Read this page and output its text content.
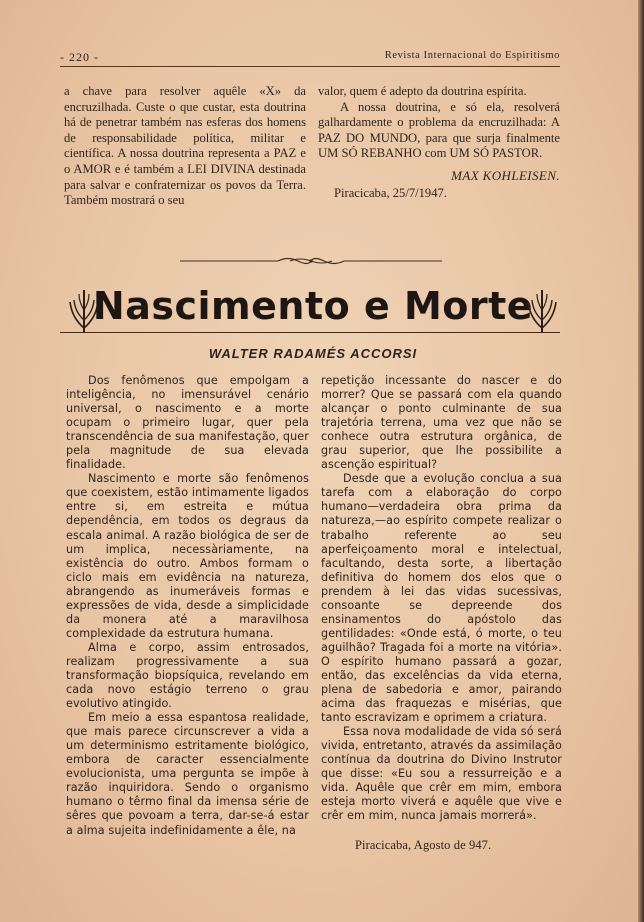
- 220 -	Revista Internacional do Espiritismo

a chave para resolver aquêle «X» da encruzilhada. Custe o que custar, esta doutrina há de penetrar também nas esferas dos homens de responsabilidade política, militar e científica. A nossa doutrina representa a PAZ e o AMOR e é também a LEI DIVINA destinada para salvar e confraternizar os povos da Terra. Também mostrará o seu

valor, quem é adepto da doutrina espírita.

A nossa doutrina, e só ela, resolverá galhardamente o problema da encruzilhada: A PAZ DO MUNDO, para que surja finalmente UM SÓ REBANHO com UM SÓ PASTOR.

MAX KOHLEISEN.

Piracicaba, 25/7/1947.

Nascimento e Morte
WALTER RADAMÉS ACCORSI

Dos fenômenos que empolgam a inteligência, no imensurável cenário universal, o nascimento e a morte ocupam o primeiro lugar, quer pela transcendência de sua manifestação, quer pela magnitude de sua elevada finalidade.

Nascimento e morte são fenômenos que coexistem, estão intimamente ligados entre si, em estreita e mútua dependência, em todos os degraus da escala animal. A razão biológica de ser de um implica, necessàriamente, na existência do outro. Ambos formam o ciclo mais em evidência na natureza, abrangendo as inumeráveis formas e expressões de vida, desde a simplicidade da monera até a maravilhosa complexidade da estrutura humana.

Alma e corpo, assim entrosados, realizam progressivamente a sua transformação biopsíquica, revelando em cada novo estágio terreno o grau evolutivo atingido.

Em meio a essa espantosa realidade, que mais parece circunscrever a vida a um determinismo estritamente biológico, embora de caracter essencialmente evolucionista, uma pergunta se impõe à razão inquiridora. Sendo o organismo humano o têrmo final da imensa série de sêres que povoam a terra, dar-se-á estar a alma sujeita indefinidamente a êle, na

repetição incessante do nascer e do morrer? Que se passará com ela quando alcançar o ponto culminante de sua trajetória terrena, uma vez que não se conhece outra estrutura orgânica, de grau superior, que lhe possibilite a ascenção espiritual?

Desde que a evolução conclua a sua tarefa com a elaboração do corpo humano—verdadeira obra prima da natureza,—ao espírito compete realizar o trabalho referente ao seu aperfeiçoamento moral e intelectual, facultando, desta sorte, a libertação definitiva do homem dos elos que o prendem à lei das vidas sucessivas, consoante se depreende dos ensinamentos do apóstolo das gentilidades: «Onde está, ó morte, o teu aguilhão? Tragada foi a morte na vitória». O espírito humano passará a gozar, então, das excelências da vida eterna, plena de sabedoria e amor, pairando acima das fraquezas e misérias, que tanto escravizam e oprimem a criatura.

Essa nova modalidade de vida só será vivida, entretanto, através da assimilação contínua da doutrina do Divino Instrutor que disse: «Eu sou a ressurreição e a vida. Aquêle que crêr em mim, embora esteja morto viverá e aquêle que vive e crêr em mim, nunca jamais morrerá».

Piracicaba, Agosto de 947.
